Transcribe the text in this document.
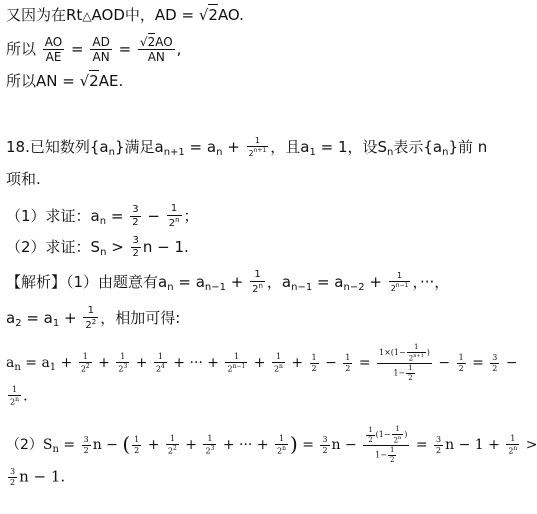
又因为在Rt△AOD中，AD = √2AO.
所以 $\frac{AO}{AE} = \frac{AD}{AN} = \frac{√2AO}{AN}$ ,
所以AN = √2AE.
18.已知数列$\{a_n\}$满足$a_{n+1} = a_n + \frac{1}{2^{n+1}}$ ，且$a_1 = 1$，设$S_n$表示$\{a_n\}$前 n
项和.
（1）求证：$a_n = \frac{3}{2} - \frac{1}{2^n}$ ；
（2）求证：$S_n > \frac{3}{2}$ n − 1.
【解析】（1）由题意有$a_n = a_{n-1} + \frac{1}{2^n}$ ，$a_{n-1} = a_{n-2} + \frac{1}{2^{n-1}}$ ，···，
$a_2 = a_1 + \frac{1}{2^2}$ ，相加可得:
$a_n = a_1 + \frac{1}{2^2} + \frac{1}{2^3} + \frac{1}{2^4}$ + ··· + $\frac{1}{2^{n-1}} + \frac{1}{2^n} + \frac{1}{2} - \frac{1}{2} = \frac{1\times(1- \frac{1}{2^{n+1}} )}{1- \frac{1}{2}} - \frac{1}{2} = \frac{3}{2}$ −
$\frac{1}{2^n}$ .
$(2)S_n = \frac{3}{2}$ n − ( $\frac{1}{2} + \frac{1}{2^2} + \frac{1}{2^3}$ + ··· + $\frac{1}{2^n}$ ) = $\frac{3}{2}$ $n - \frac{\frac{1}{2} (1- \frac{1}{2^n} )}{1- \frac{1}{2}} = \frac{3}{2}$ $n - 1 + \frac{1}{2^n}$ >
$\frac{3}{2}$ n − 1.
